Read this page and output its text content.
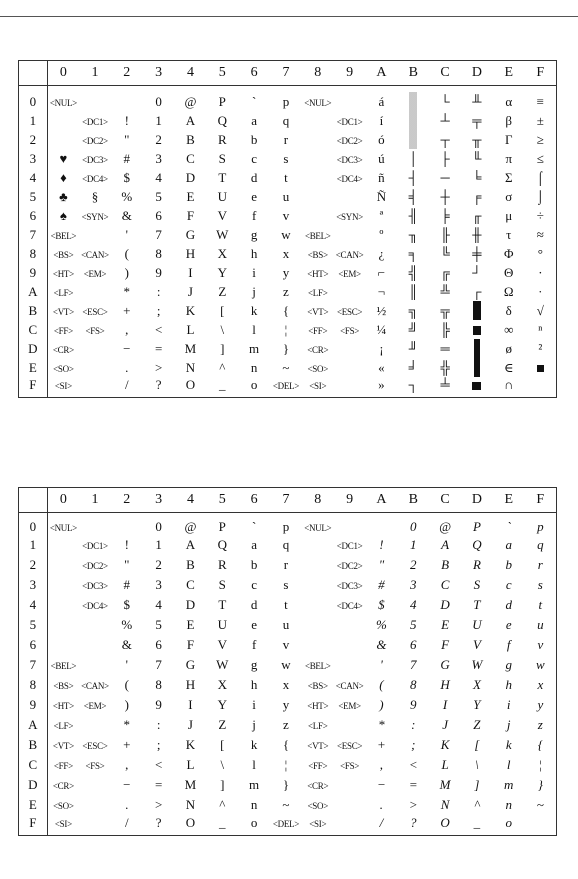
	0	1	2	3	4	5	6	7	8	9	A	B	C	D	E	F
0	<NUL>			0	@	P	`	p	<NUL>		á		└	╨	α	≡
1		<DC1>	!	1	A	Q	a	q		<DC1>	í		┴	╤	β	±
2		<DC2>	"	2	B	R	b	r		<DC2>	ó		┬	╥	Γ	≥
3	♥	<DC3>	#	3	C	S	c	s		<DC3>	ú	│	├	╙	π	≤
4	♦	<DC4>	$	4	D	T	d	t		<DC4>	ñ	┤	─	╘	Σ	⌠
5	♣	§	%	5	E	U	e	u			Ñ	╡	┼	╒	σ	⌡
6	♠	<SYN>	&	6	F	V	f	v		<SYN>	ª	╢	╞	╓	μ	÷
7	<BEL>		'	7	G	W	g	w	<BEL>		º	╖	╟	╫	τ	≈
8	<BS>	<CAN>	(	8	H	X	h	x	<BS>	<CAN>	¿	╕	╚	╪	Φ	°
9	<HT>	<EM>	)	9	I	Y	i	y	<HT>	<EM>	⌐	╣	╔	┘	Θ	∙
A	<LF>		*	:	J	Z	j	z	<LF>		¬	║	╩	┌	Ω	·
B	<VT>	<ESC>	+	;	K	[	k	{	<VT>	<ESC>	½	╗	╦		δ	√
C	<FF>	<FS>	,	<	L	\	l	¦	<FF>	<FS>	¼	╝	╠		∞	ⁿ
D	<CR>		−	=	M	]	m	}	<CR>		¡	╜	═		ø	²
E	<SO>		.	>	N	^	n	~	<SO>		«	╛	╬		∈	
F	<SI>		/	?	O	_	o	<DEL>	<SI>		»	┐	╧		∩	
	0	1	2	3	4	5	6	7	8	9	A	B	C	D	E	F
0	<NUL>			0	@	P	`	p	<NUL>			0	@	P	`	p
1		<DC1>	!	1	A	Q	a	q		<DC1>	!	1	A	Q	a	q
2		<DC2>	"	2	B	R	b	r		<DC2>	"	2	B	R	b	r
3		<DC3>	#	3	C	S	c	s		<DC3>	#	3	C	S	c	s
4		<DC4>	$	4	D	T	d	t		<DC4>	$	4	D	T	d	t
5			%	5	E	U	e	u			%	5	E	U	e	u
6			&	6	F	V	f	v			&	6	F	V	f	v
7	<BEL>		'	7	G	W	g	w	<BEL>		'	7	G	W	g	w
8	<BS>	<CAN>	(	8	H	X	h	x	<BS>	<CAN>	(	8	H	X	h	x
9	<HT>	<EM>	)	9	I	Y	i	y	<HT>	<EM>	)	9	I	Y	i	y
A	<LF>		*	:	J	Z	j	z	<LF>		*	:	J	Z	j	z
B	<VT>	<ESC>	+	;	K	[	k	{	<VT>	<ESC>	+	;	K	[	k	{
C	<FF>	<FS>	,	<	L	\	l	¦	<FF>	<FS>	,	<	L	\	l	¦
D	<CR>		−	=	M	]	m	}	<CR>		−	=	M	]	m	}
E	<SO>		.	>	N	^	n	~	<SO>		.	>	N	^	n	~
F	<SI>		/	?	O	_	o	<DEL>	<SI>		/	?	O	_	o	
